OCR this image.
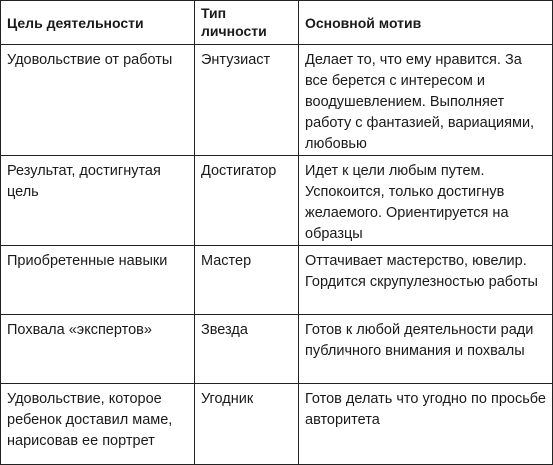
Цель деятельности	Тип личности	Основной мотив
Удовольствие от работы	Энтузиаст	Делает то, что ему нравится. За все берется с интересом и воодушевлением. Выполняет работу с фантазией, вариациями, любовью
Результат, достигнутая цель	Достигатор	Идет к цели любым путем. Успокоится, только достигнув желаемого. Ориентируется на образцы
Приобретенные навыки	Мастер	Оттачивает мастерство, ювелир. Гордится скрупулезностью работы
Похвала «экспертов»	Звезда	Готов к любой деятельности ради публичного внимания и похвалы
Удовольствие, которое ребенок доставил маме, нарисовав ее портрет	Угодник	Готов делать что угодно по просьбе авторитета
